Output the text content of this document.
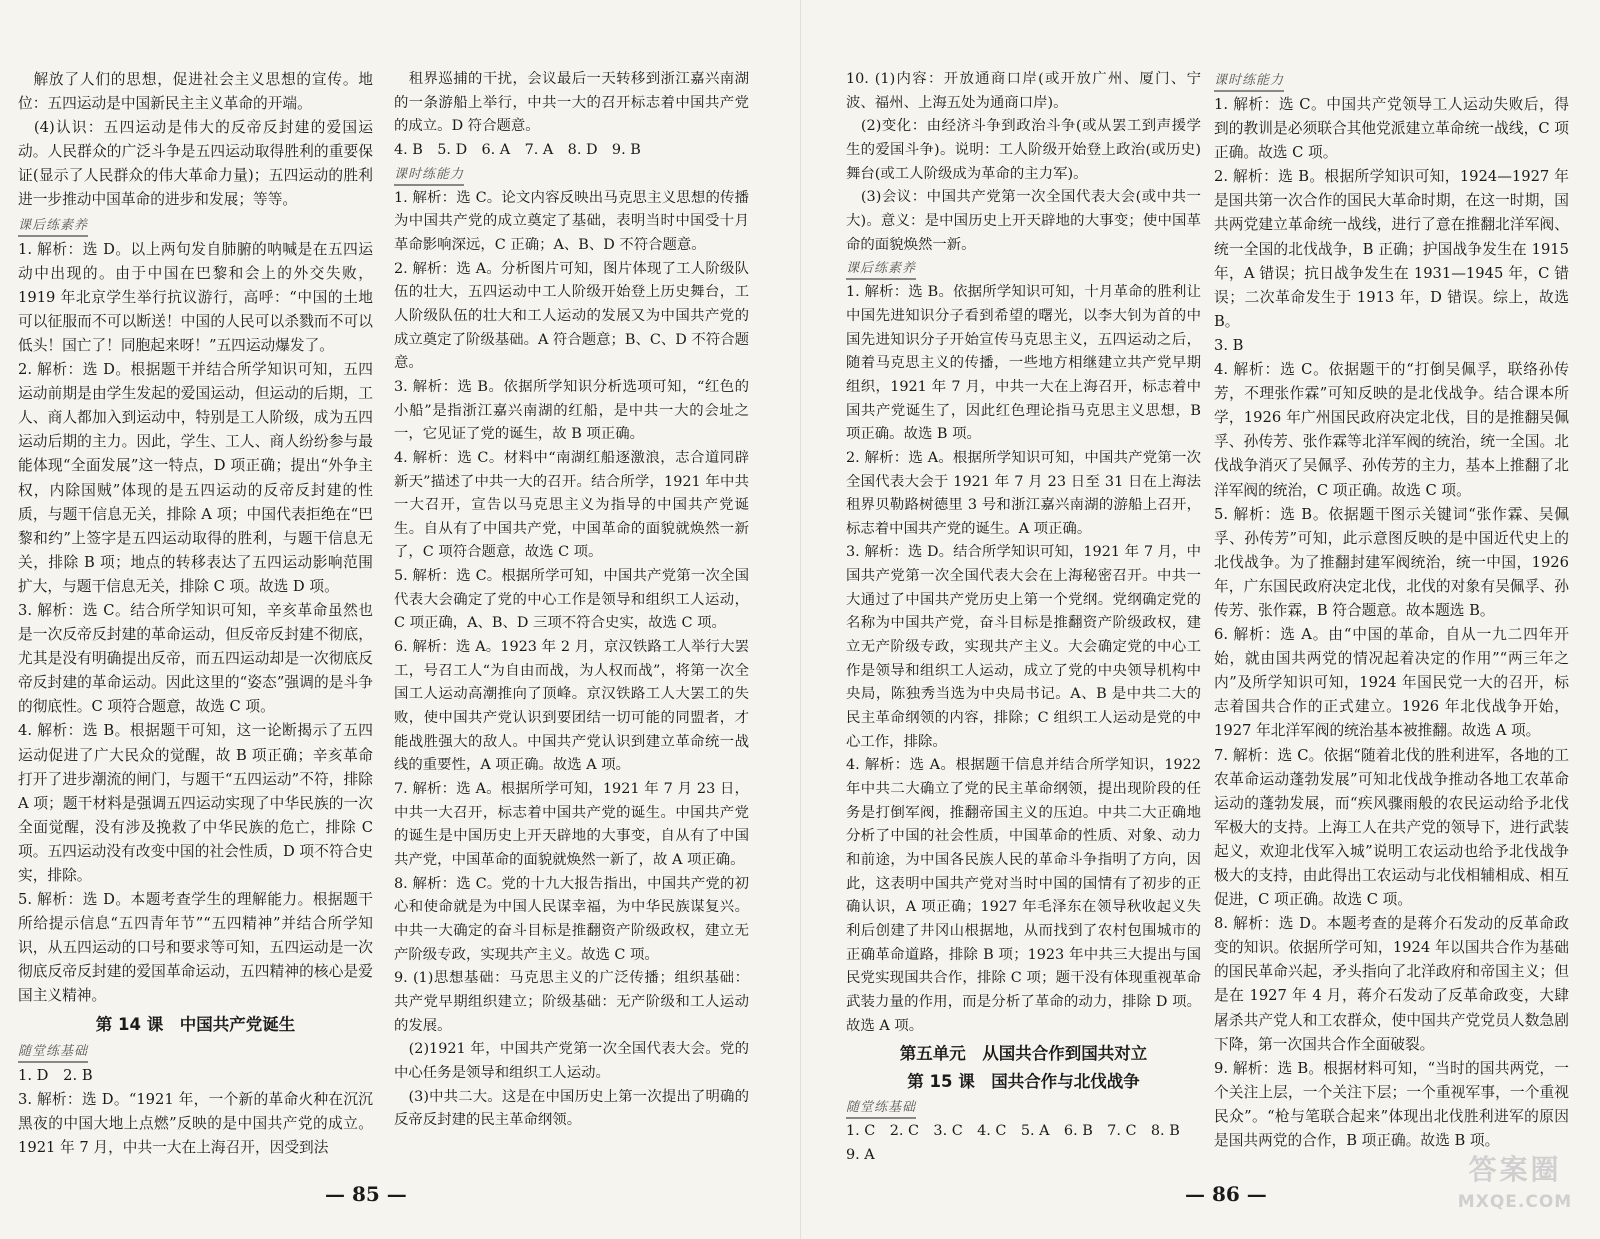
　解放了人们的思想，促进社会主义思想的宣传。地位：五四运动是中国新民主主义革命的开端。

　(4)认识：五四运动是伟大的反帝反封建的爱国运动。人民群众的广泛斗争是五四运动取得胜利的重要保证(显示了人民群众的伟大革命力量)；五四运动的胜利进一步推动中国革命的进步和发展；等等。

课后练素养

1. 解析：选 D。以上两句发自肺腑的呐喊是在五四运动中出现的。由于中国在巴黎和会上的外交失败，1919 年北京学生举行抗议游行，高呼：“中国的土地可以征服而不可以断送！中国的人民可以杀戮而不可以低头！国亡了！同胞起来呀！”五四运动爆发了。

2. 解析：选 D。根据题干并结合所学知识可知，五四运动前期是由学生发起的爱国运动，但运动的后期，工人、商人都加入到运动中，特别是工人阶级，成为五四运动后期的主力。因此，学生、工人、商人纷纷参与最能体现“全面发展”这一特点，D 项正确；提出“外争主权，内除国贼”体现的是五四运动的反帝反封建的性质，与题干信息无关，排除 A 项；中国代表拒绝在“巴黎和约”上签字是五四运动取得的胜利，与题干信息无关，排除 B 项；地点的转移表达了五四运动影响范围扩大，与题干信息无关，排除 C 项。故选 D 项。

3. 解析：选 C。结合所学知识可知，辛亥革命虽然也是一次反帝反封建的革命运动，但反帝反封建不彻底，尤其是没有明确提出反帝，而五四运动却是一次彻底反帝反封建的革命运动。因此这里的“姿态”强调的是斗争的彻底性。C 项符合题意，故选 C 项。

4. 解析：选 B。根据题干可知，这一论断揭示了五四运动促进了广大民众的觉醒，故 B 项正确；辛亥革命打开了进步潮流的闸门，与题干“五四运动”不符，排除 A 项；题干材料是强调五四运动实现了中华民族的一次全面觉醒，没有涉及挽救了中华民族的危亡，排除 C 项。五四运动没有改变中国的社会性质，D 项不符合史实，排除。

5. 解析：选 D。本题考查学生的理解能力。根据题干所给提示信息“五四青年节”“五四精神”并结合所学知识，从五四运动的口号和要求等可知，五四运动是一次彻底反帝反封建的爱国革命运动，五四精神的核心是爱国主义精神。

第 14 课　中国共产党诞生
随堂练基础

1. D　2. B

3. 解析：选 D。“1921 年，一个新的革命火种在沉沉黑夜的中国大地上点燃”反映的是中国共产党的成立。1921 年 7 月，中共一大在上海召开，因受到法

　租界巡捕的干扰，会议最后一天转移到浙江嘉兴南湖的一条游船上举行，中共一大的召开标志着中国共产党的成立。D 符合题意。

4. B　5. D　6. A　7. A　8. D　9. B

课时练能力

1. 解析：选 C。论文内容反映出马克思主义思想的传播为中国共产党的成立奠定了基础，表明当时中国受十月革命影响深远，C 正确；A、B、D 不符合题意。

2. 解析：选 A。分析图片可知，图片体现了工人阶级队伍的壮大，五四运动中工人阶级开始登上历史舞台，工人阶级队伍的壮大和工人运动的发展又为中国共产党的成立奠定了阶级基础。A 符合题意；B、C、D 不符合题意。

3. 解析：选 B。依据所学知识分析选项可知，“红色的小船”是指浙江嘉兴南湖的红船，是中共一大的会址之一，它见证了党的诞生，故 B 项正确。

4. 解析：选 C。材料中“南湖红船逐激浪，志合道同辟新天”描述了中共一大的召开。结合所学，1921 年中共一大召开，宣告以马克思主义为指导的中国共产党诞生。自从有了中国共产党，中国革命的面貌就焕然一新了，C 项符合题意，故选 C 项。

5. 解析：选 C。根据所学可知，中国共产党第一次全国代表大会确定了党的中心工作是领导和组织工人运动，C 项正确，A、B、D 三项不符合史实，故选 C 项。

6. 解析：选 A。1923 年 2 月，京汉铁路工人举行大罢工，号召工人“为自由而战，为人权而战”，将第一次全国工人运动高潮推向了顶峰。京汉铁路工人大罢工的失败，使中国共产党认识到要团结一切可能的同盟者，才能战胜强大的敌人。中国共产党认识到建立革命统一战线的重要性，A 项正确。故选 A 项。

7. 解析：选 A。根据所学可知，1921 年 7 月 23 日，中共一大召开，标志着中国共产党的诞生。中国共产党的诞生是中国历史上开天辟地的大事变，自从有了中国共产党，中国革命的面貌就焕然一新了，故 A 项正确。

8. 解析：选 C。党的十九大报告指出，中国共产党的初心和使命就是为中国人民谋幸福，为中华民族谋复兴。中共一大确定的奋斗目标是推翻资产阶级政权，建立无产阶级专政，实现共产主义。故选 C 项。

9. (1)思想基础：马克思主义的广泛传播；组织基础：共产党早期组织建立；阶级基础：无产阶级和工人运动的发展。

　(2)1921 年，中国共产党第一次全国代表大会。党的中心任务是领导和组织工人运动。

　(3)中共二大。这是在中国历史上第一次提出了明确的反帝反封建的民主革命纲领。

— 85 —

10. (1)内容：开放通商口岸(或开放广州、厦门、宁波、福州、上海五处为通商口岸)。

　(2)变化：由经济斗争到政治斗争(或从罢工到声援学生的爱国斗争)。说明：工人阶级开始登上政治(或历史)舞台(或工人阶级成为革命的主力军)。

　(3)会议：中国共产党第一次全国代表大会(或中共一大)。意义：是中国历史上开天辟地的大事变；使中国革命的面貌焕然一新。

课后练素养

1. 解析：选 B。依据所学知识可知，十月革命的胜利让中国先进知识分子看到希望的曙光，以李大钊为首的中国先进知识分子开始宣传马克思主义，五四运动之后，随着马克思主义的传播，一些地方相继建立共产党早期组织，1921 年 7 月，中共一大在上海召开，标志着中国共产党诞生了，因此红色理论指马克思主义思想，B 项正确。故选 B 项。

2. 解析：选 A。根据所学知识可知，中国共产党第一次全国代表大会于 1921 年 7 月 23 日至 31 日在上海法租界贝勒路树德里 3 号和浙江嘉兴南湖的游船上召开，标志着中国共产党的诞生。A 项正确。

3. 解析：选 D。结合所学知识可知，1921 年 7 月，中国共产党第一次全国代表大会在上海秘密召开。中共一大通过了中国共产党历史上第一个党纲。党纲确定党的名称为中国共产党，奋斗目标是推翻资产阶级政权，建立无产阶级专政，实现共产主义。大会确定党的中心工作是领导和组织工人运动，成立了党的中央领导机构中央局，陈独秀当选为中央局书记。A、B 是中共二大的民主革命纲领的内容，排除；C 组织工人运动是党的中心工作，排除。

4. 解析：选 A。根据题干信息并结合所学知识，1922 年中共二大确立了党的民主革命纲领，提出现阶段的任务是打倒军阀，推翻帝国主义的压迫。中共二大正确地分析了中国的社会性质，中国革命的性质、对象、动力和前途，为中国各民族人民的革命斗争指明了方向，因此，这表明中国共产党对当时中国的国情有了初步的正确认识，A 项正确；1927 年毛泽东在领导秋收起义失利后创建了井冈山根据地，从而找到了农村包围城市的正确革命道路，排除 B 项；1923 年中共三大提出与国民党实现国共合作，排除 C 项；题干没有体现重视革命武装力量的作用，而是分析了革命的动力，排除 D 项。故选 A 项。

第五单元　从国共合作到国共对立
第 15 课　国共合作与北伐战争
随堂练基础

1. C　2. C　3. C　4. C　5. A　6. B　7. C　8. B

9. A

课时练能力

1. 解析：选 C。中国共产党领导工人运动失败后，得到的教训是必须联合其他党派建立革命统一战线，C 项正确。故选 C 项。

2. 解析：选 B。根据所学知识可知，1924—1927 年是国共第一次合作的国民大革命时期，在这一时期，国共两党建立革命统一战线，进行了意在推翻北洋军阀、统一全国的北伐战争，B 正确；护国战争发生在 1915 年，A 错误；抗日战争发生在 1931—1945 年，C 错误；二次革命发生于 1913 年，D 错误。综上，故选 B。

3. B

4. 解析：选 C。依据题干的“打倒吴佩孚，联络孙传芳，不理张作霖”可知反映的是北伐战争。结合课本所学，1926 年广州国民政府决定北伐，目的是推翻吴佩孚、孙传芳、张作霖等北洋军阀的统治，统一全国。北伐战争消灭了吴佩孚、孙传芳的主力，基本上推翻了北洋军阀的统治，C 项正确。故选 C 项。

5. 解析：选 B。依据题干图示关键词“张作霖、吴佩孚、孙传芳”可知，此示意图反映的是中国近代史上的北伐战争。为了推翻封建军阀统治，统一中国，1926 年，广东国民政府决定北伐，北伐的对象有吴佩孚、孙传芳、张作霖，B 符合题意。故本题选 B。

6. 解析：选 A。由“中国的革命，自从一九二四年开始，就由国共两党的情况起着决定的作用”“两三年之内”及所学知识可知，1924 年国民党一大的召开，标志着国共合作的正式建立。1926 年北伐战争开始，1927 年北洋军阀的统治基本被推翻。故选 A 项。

7. 解析：选 C。依据“随着北伐的胜利进军，各地的工农革命运动蓬勃发展”可知北伐战争推动各地工农革命运动的蓬勃发展，而“疾风骤雨般的农民运动给予北伐军极大的支持。上海工人在共产党的领导下，进行武装起义，欢迎北伐军入城”说明工农运动也给予北伐战争极大的支持，由此得出工农运动与北伐相辅相成、相互促进，C 项正确。故选 C 项。

8. 解析：选 D。本题考查的是蒋介石发动的反革命政变的知识。依据所学可知，1924 年以国共合作为基础的国民革命兴起，矛头指向了北洋政府和帝国主义；但是在 1927 年 4 月，蒋介石发动了反革命政变，大肆屠杀共产党人和工农群众，使中国共产党党员人数急剧下降，第一次国共合作全面破裂。

9. 解析：选 B。根据材料可知，“当时的国共两党，一个关注上层，一个关注下层；一个重视军事，一个重视民众”。“枪与笔联合起来”体现出北伐胜利进军的原因是国共两党的合作，B 项正确。故选 B 项。

— 86 —
答案圈
MXQE.COM
